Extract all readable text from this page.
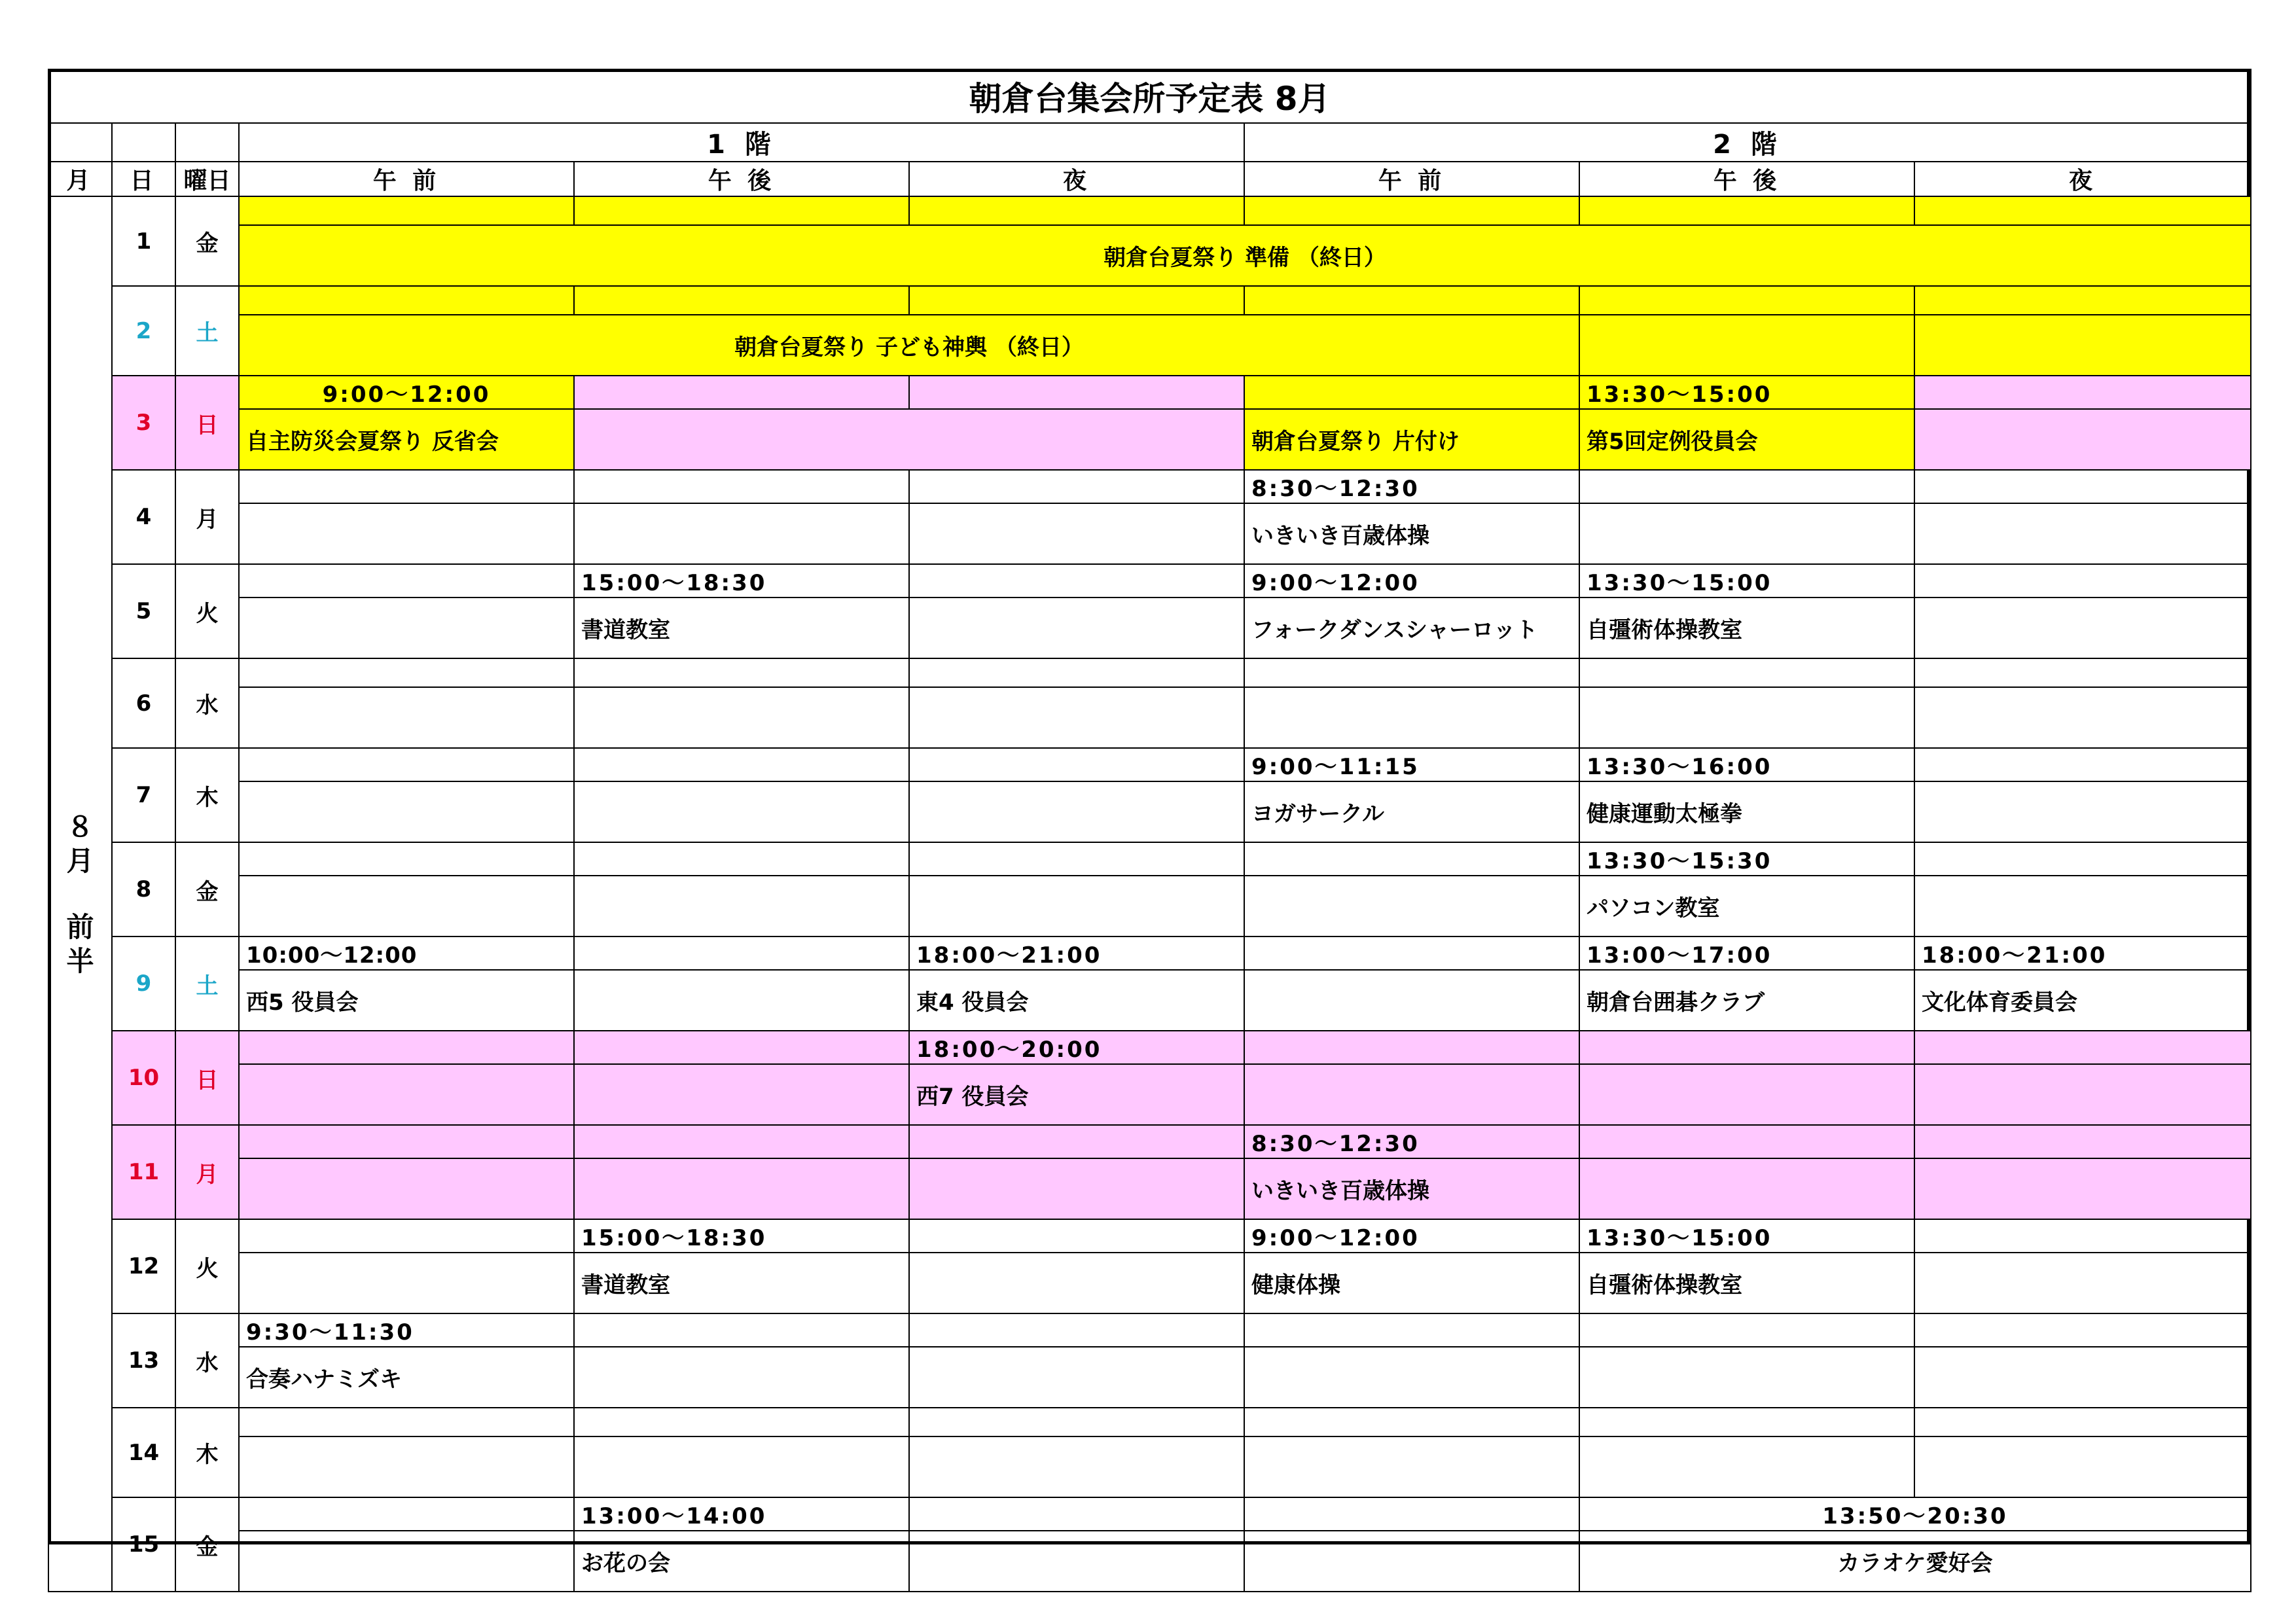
朝倉台集会所予定表 8月								
			1 階			2 階		
月	日	曜日	午 前	午 後	夜	午 前	午 後	夜
８
月

前
半	1	金						
			朝倉台夏祭り 準備 （終日）					
	2	土						
			朝倉台夏祭り 子ども神輿 （終日）					
	3	日	9:00～12:00				13:30～15:00	
			自主防災会夏祭り 反省会			朝倉台夏祭り 片付け	第5回定例役員会	
	4	月				8:30～12:30		
						いきいき百歳体操		
	5	火		15:00～18:30		9:00～12:00	13:30～15:00	
				書道教室		フォークダンスシャーロット	自彊術体操教室	
	6	水						

	7	木				9:00～11:15	13:30～16:00	
						ヨガサークル	健康運動太極拳	
	8	金					13:30～15:30	
							パソコン教室	
	9	土	10:00～12:00		18:00～21:00		13:00～17:00	18:00～21:00
			西5 役員会		東4 役員会		朝倉台囲碁クラブ	文化体育委員会
	10	日			18:00～20:00			
					西7 役員会			
	11	月				8:30～12:30		
						いきいき百歳体操		
	12	火		15:00～18:30		9:00～12:00	13:30～15:00	
				書道教室		健康体操	自彊術体操教室	
	13	水	9:30～11:30					
			合奏ハナミズキ					
	14	木						

	15	金		13:00～14:00			13:50～20:30	
				お花の会			カラオケ愛好会	
